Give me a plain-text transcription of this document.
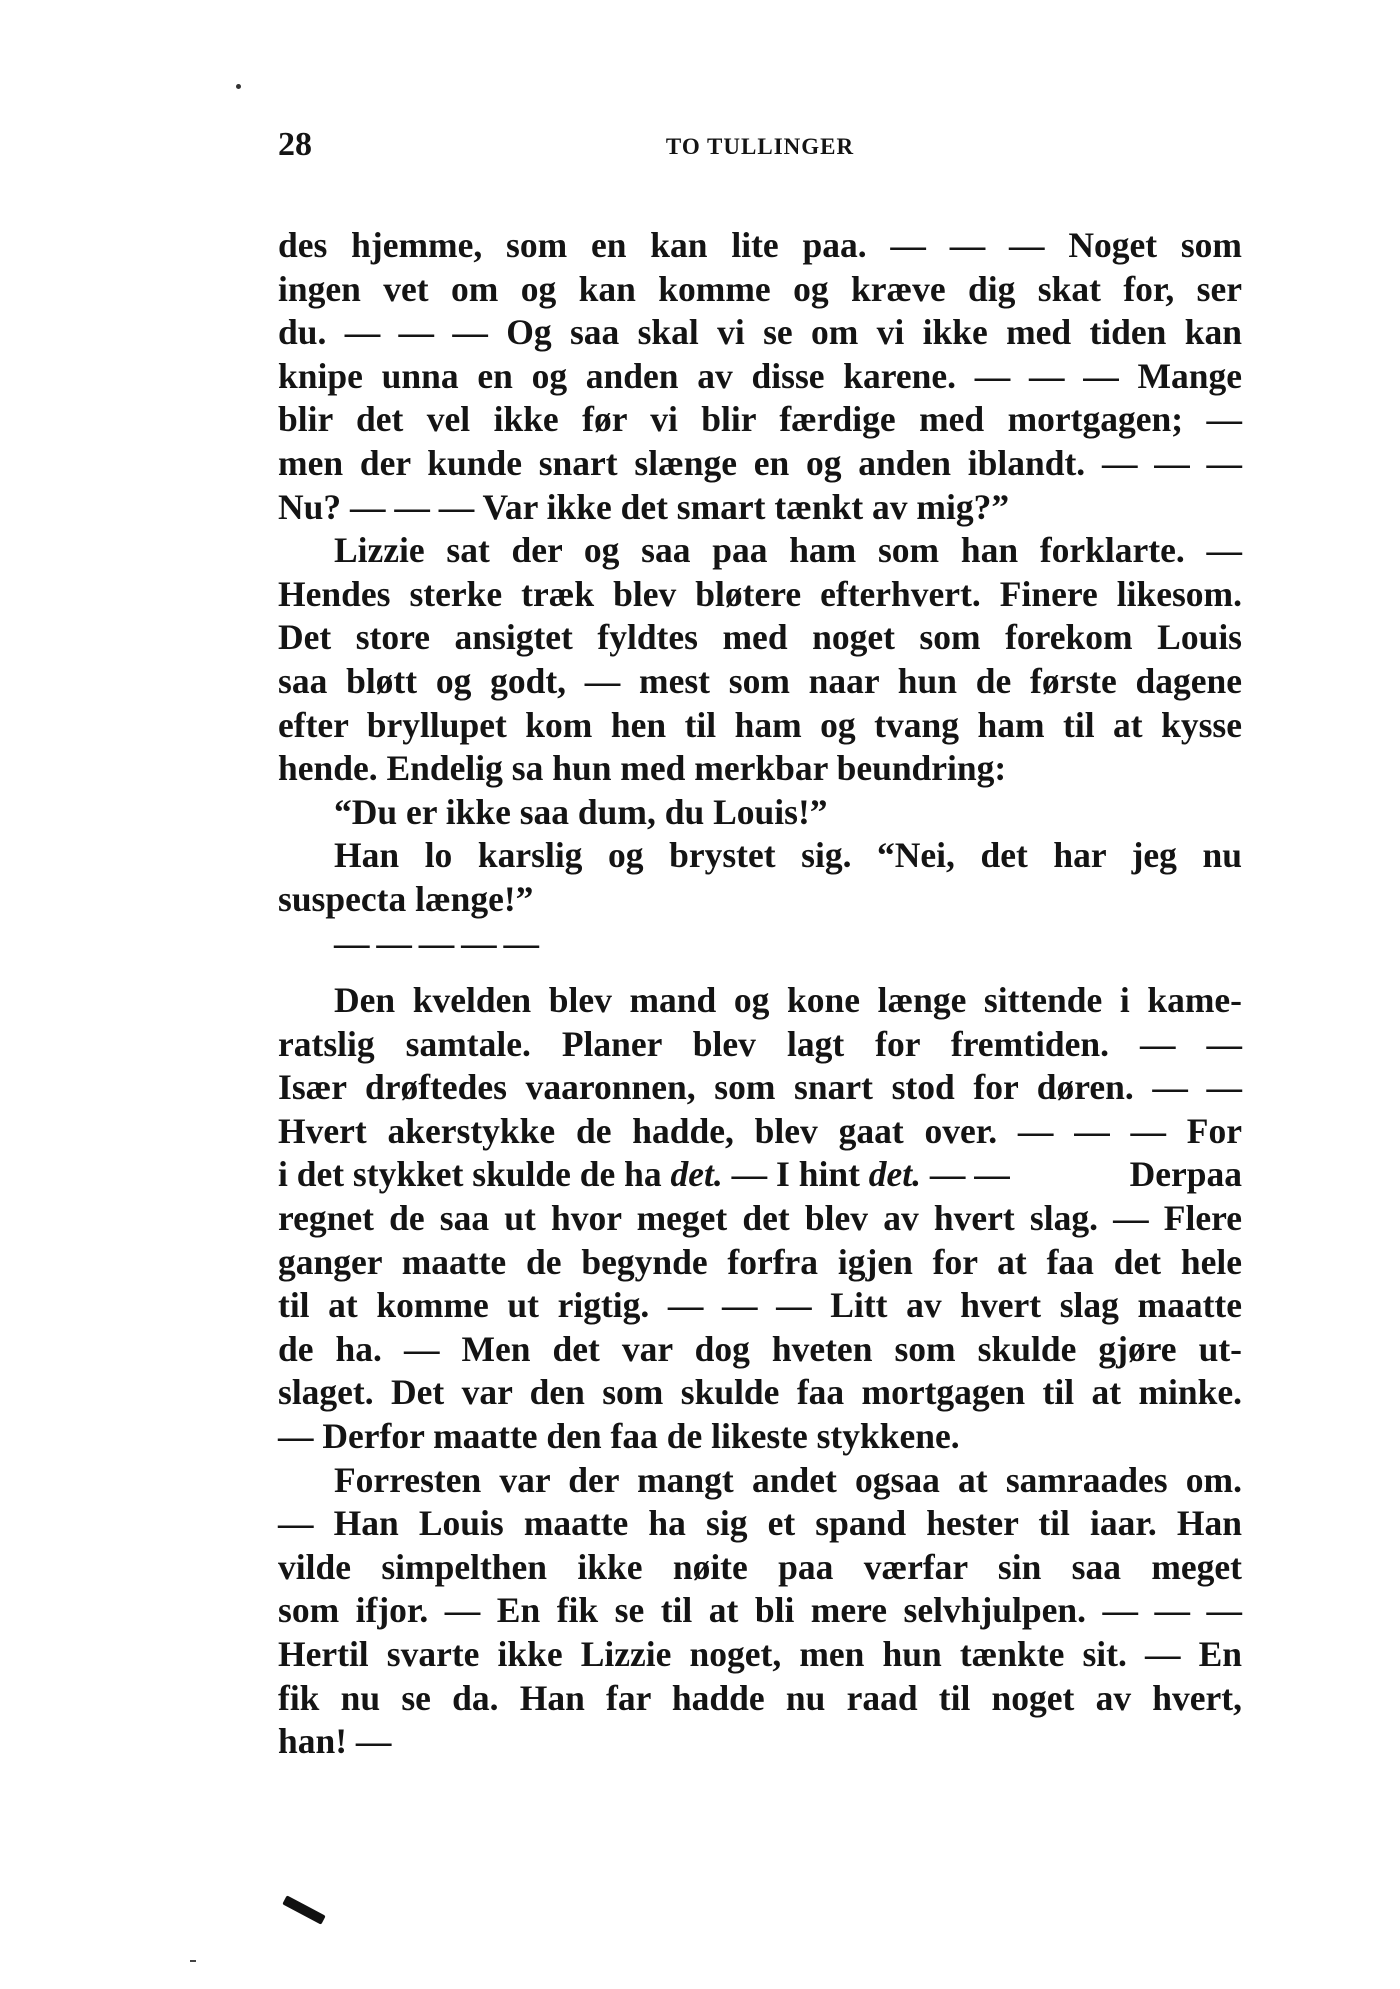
28	TO TULLINGER
des hjemme, som en kan lite paa. — — — Noget som
ingen vet om og kan komme og kræve dig skat for, ser
du. — — — Og saa skal vi se om vi ikke med tiden kan
knipe unna en og anden av disse karene. — — — Mange
blir det vel ikke før vi blir færdige med mortgagen; —
men der kunde snart slænge en og anden iblandt. — — —
Nu? — — — Var ikke det smart tænkt av mig?”
Lizzie sat der og saa paa ham som han forklarte. —
Hendes sterke træk blev bløtere efterhvert. Finere likesom.
Det store ansigtet fyldtes med noget som forekom Louis
saa bløtt og godt, — mest som naar hun de første dagene
efter bryllupet kom hen til ham og tvang ham til at kysse
hende. Endelig sa hun med merkbar beundring:
“Du er ikke saa dum, du Louis!”
Han lo karslig og brystet sig. “Nei, det har jeg nu
suspecta længe!”
— — — — —
Den kvelden blev mand og kone længe sittende i kame-
ratslig samtale. Planer blev lagt for fremtiden. — —
Især drøftedes vaaronnen, som snart stod for døren. — —
Hvert akerstykke de hadde, blev gaat over. — — — For
i det stykket skulde de ha det. — I hint det. — —	Derpaa
regnet de saa ut hvor meget det blev av hvert slag. — Flere
ganger maatte de begynde forfra igjen for at faa det hele
til at komme ut rigtig. — — — Litt av hvert slag maatte
de ha. — Men det var dog hveten som skulde gjøre ut-
slaget. Det var den som skulde faa mortgagen til at minke.
— Derfor maatte den faa de likeste stykkene.
Forresten var der mangt andet ogsaa at samraades om.
— Han Louis maatte ha sig et spand hester til iaar. Han
vilde simpelthen ikke nøite paa værfar sin saa meget
som ifjor. — En fik se til at bli mere selvhjulpen. — — —
Hertil svarte ikke Lizzie noget, men hun tænkte sit. — En
fik nu se da. Han far hadde nu raad til noget av hvert,
han! —
